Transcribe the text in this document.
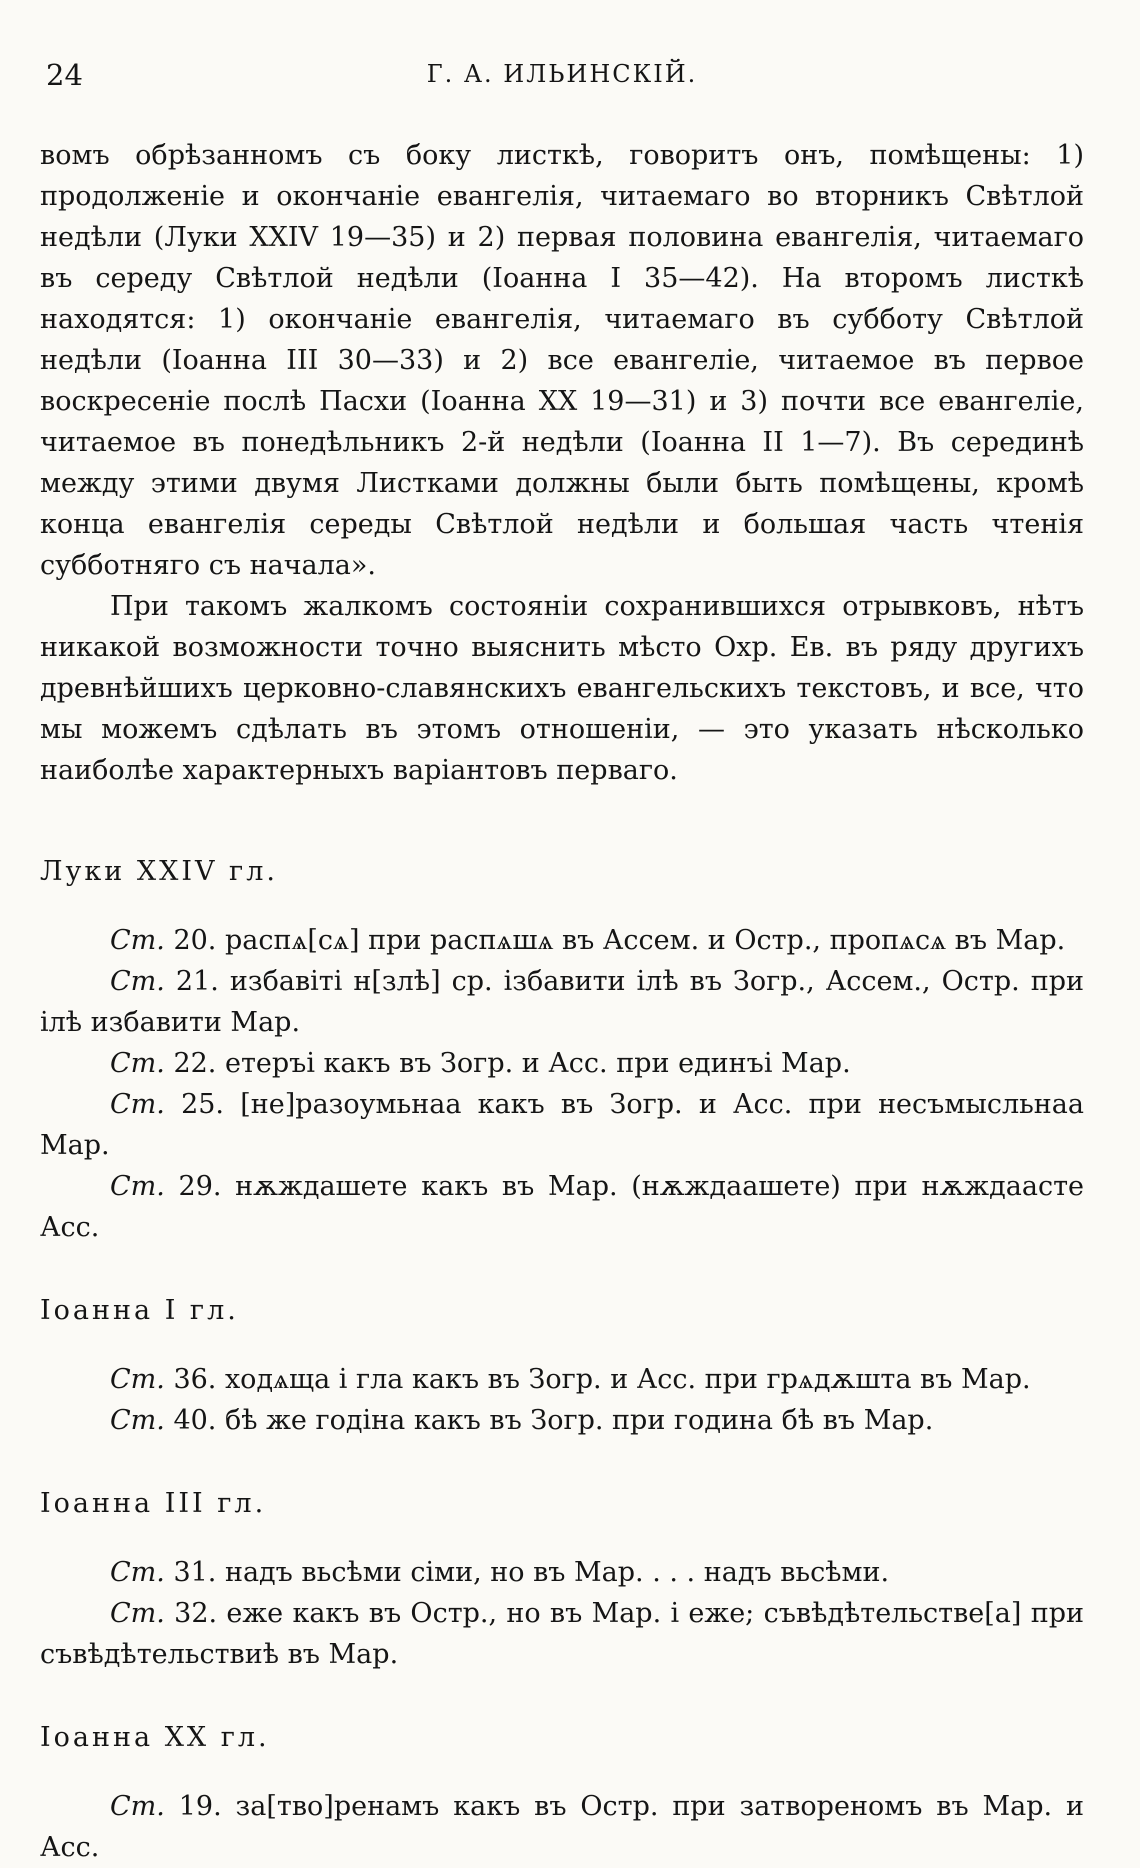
24	Г. А. ИЛЬИНСКІЙ.

вомъ обрѣзанномъ съ боку листкѣ, говоритъ онъ, помѣщены: 1) продолженіе и окончаніе евангелія, читаемаго во вторникъ Свѣтлой недѣли (Луки XXIV 19—35) и 2) первая половина евангелія, читаемаго въ середу Свѣтлой недѣли (Іоанна I 35—42). На второмъ листкѣ находятся: 1) окончаніе евангелія, читаемаго въ субботу Свѣтлой недѣли (Іоанна III 30—33) и 2) все евангеліе, читаемое въ первое воскресеніе послѣ Пасхи (Іоанна XX 19—31) и 3) почти все евангеліе, читаемое въ понедѣльникъ 2-й недѣли (Іоанна II 1—7). Въ серединѣ между этими двумя Листками должны были быть помѣщены, кромѣ конца евангелія середы Свѣтлой недѣли и большая часть чтенія субботняго съ начала».

При такомъ жалкомъ состояніи сохранившихся отрывковъ, нѣтъ никакой возможности точно выяснить мѣсто Охр. Ев. въ ряду другихъ древнѣйшихъ церковно-славянскихъ евангельскихъ текстовъ, и все, что мы можемъ сдѣлать въ этомъ отношеніи, — это указать нѣсколько наиболѣе характерныхъ варіантовъ перваго.

Луки XXIV гл.

Ст. 20. распѧ[сѧ] при распѧшѧ въ Ассем. и Остр., пропѧсѧ въ Мар.

Ст. 21. избавітi н[злѣ] ср. ізбавити ілѣ въ Зогр., Ассем., Остр. при ілѣ избавити Мар.

Ст. 22. етеръі какъ въ Зогр. и Асс. при единъі Мар.

Ст. 25. [не]разоумьнаа какъ въ Зогр. и Асс. при несъмысльнаа Мар.

Ст. 29. нѫждашете какъ въ Мар. (нѫждаашете) при нѫждаасте Асс.

Іоанна I гл.

Ст. 36. ходѧща і гла какъ въ Зогр. и Асс. при грѧдѫшта въ Мар.

Ст. 40. бѣ же годіна какъ въ Зогр. при година бѣ въ Мар.

Іоанна III гл.

Ст. 31. надъ вьсѣми сіми, но въ Мар. . . . надъ вьсѣми.

Ст. 32. еже какъ въ Остр., но въ Мар. і еже; съвѣдѣтельстве[а] при съвѣдѣтельствиѣ въ Мар.

Іоанна XX гл.

Ст. 19. за[тво]ренамъ какъ въ Остр. при затворенoмъ въ Мар. и Асс.
